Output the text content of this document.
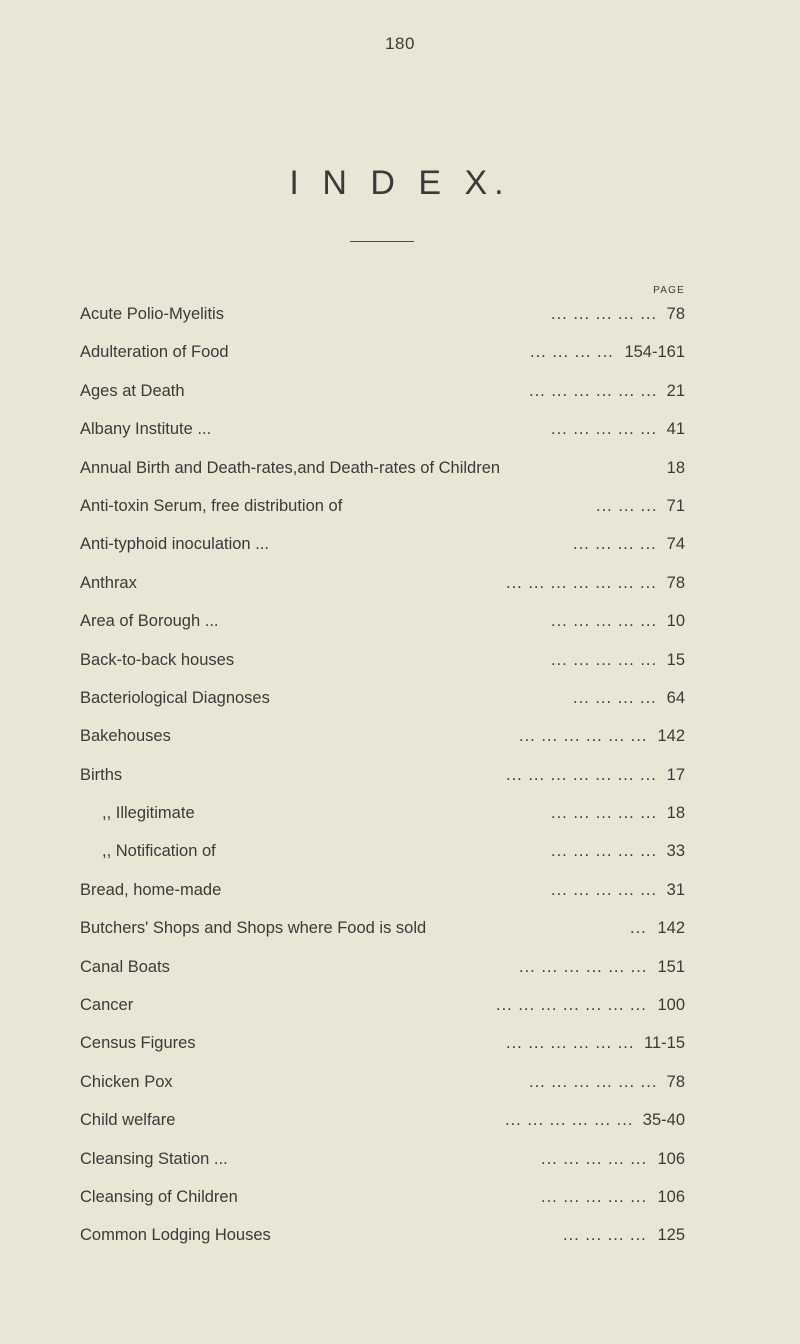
180
I N D E X.
PAGE
Acute Polio-Myelitis	... ... ... ... ... 78
Adulteration of Food	... ... ... ... 154-161
Ages at Death	... ... ... ... ... ... 21
Albany Institute ...	... ... ... ... ... 41
Annual Birth and Death-rates,and Death-rates of Children	18
Anti-toxin Serum, free distribution of	... ... ... 71
Anti-typhoid inoculation ...	... ... ... ... 74
Anthrax	... ... ... ... ... ... ... 78
Area of Borough ...	... ... ... ... ... 10
Back-to-back houses	... ... ... ... ... 15
Bacteriological Diagnoses	... ... ... ... 64
Bakehouses	... ... ... ... ... ... 142
Births	... ... ... ... ... ... ... 17
,, Illegitimate	... ... ... ... ... 18
,, Notification of	... ... ... ... ... 33
Bread, home-made	... ... ... ... ... 31
Butchers' Shops and Shops where Food is sold	... 142
Canal Boats	... ... ... ... ... ... 151
Cancer	... ... ... ... ... ... ... 100
Census Figures	... ... ... ... ... ... 11-15
Chicken Pox	... ... ... ... ... ... 78
Child welfare	... ... ... ... ... ... 35-40
Cleansing Station ...	... ... ... ... ... 106
Cleansing of Children	... ... ... ... ... 106
Common Lodging Houses	... ... ... ... 125
